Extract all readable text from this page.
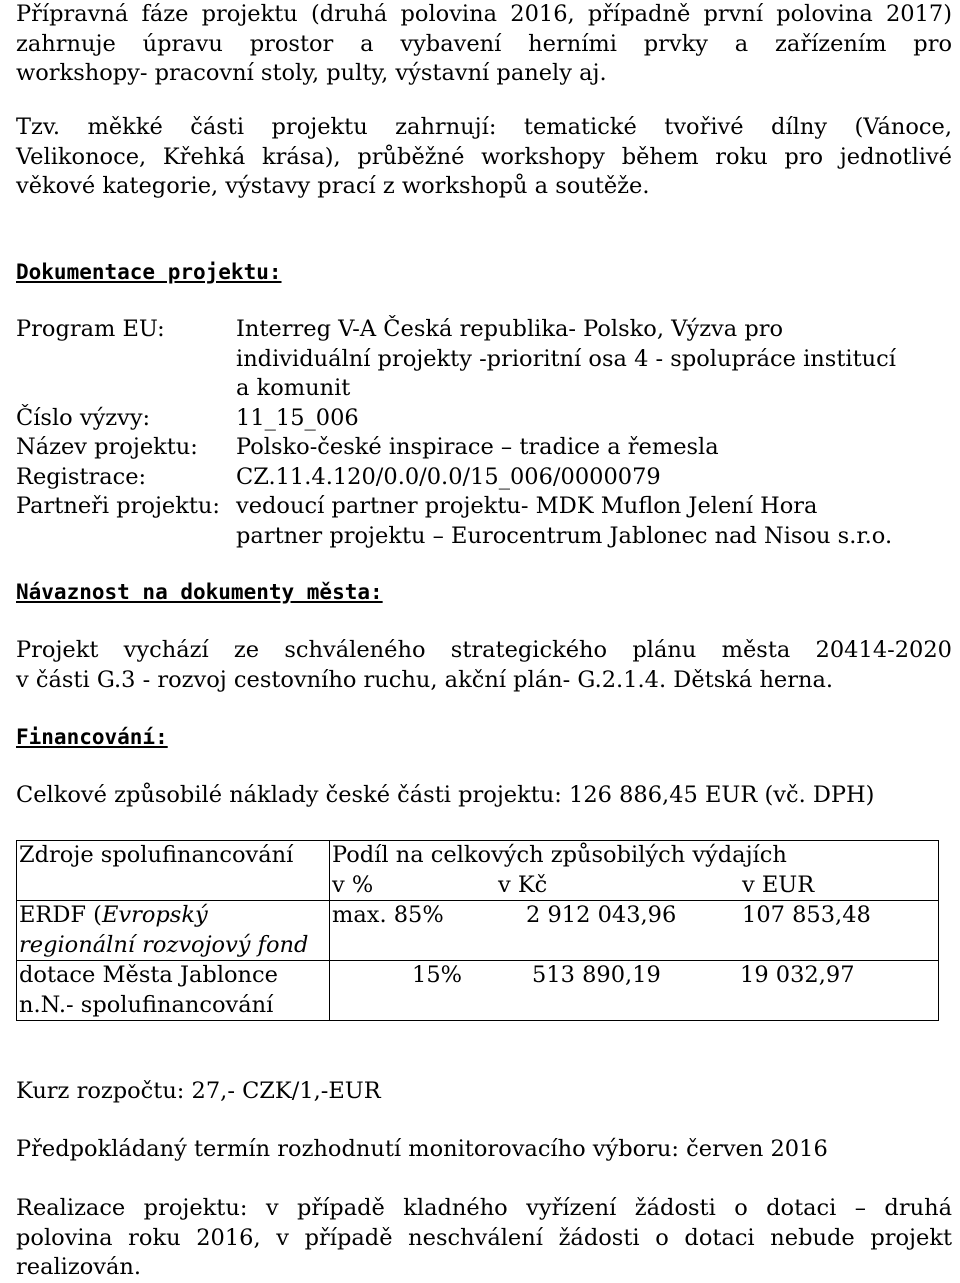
Přípravná fáze projektu (druhá polovina 2016, případně první polovina 2017)
zahrnuje úpravu prostor a vybavení herními prvky a zařízením pro
workshopy- pracovní stoly, pulty, výstavní panely aj.
Tzv. měkké části projektu zahrnují: tematické tvořivé dílny (Vánoce,
Velikonoce, Křehká krása), průběžné workshopy během roku pro jednotlivé
věkové kategorie, výstavy prací z workshopů a soutěže.
Dokumentace projektu:
Program EU:	Interreg V-A Česká republika- Polsko, Výzva pro
individuální projekty -prioritní osa 4 - spolupráce institucí
a komunit
Číslo výzvy:	11_15_006
Název projektu: Polsko-české inspirace – tradice a řemesla
Registrace:	CZ.11.4.120/0.0/0.0/15_006/0000079
Partneři projektu: vedoucí partner projektu- MDK Muflon Jelení Hora
partner projektu – Eurocentrum Jablonec nad Nisou s.r.o.
Návaznost na dokumenty města:
Projekt vychází ze schváleného strategického plánu města 20414-2020
v části G.3 - rozvoj cestovního ruchu, akční plán- G.2.1.4. Dětská herna.
Financování:
Celkové způsobilé náklady české části projektu: 126 886,45 EUR (vč. DPH)
Zdroje spolufinancování	Podíl na celkových způsobilých výdajích
v % v Kč v EUR

ERDF (Evropský regionální rozvojový fond	max. 85% 2 912 043,96 107 853,48

dotace Města Jablonce n.N.- spolufinancování	15% 513 890,19 19 032,97
Kurz rozpočtu: 27,- CZK/1,-EUR
Předpokládaný termín rozhodnutí monitorovacího výboru: červen 2016
Realizace projektu: v případě kladného vyřízení žádosti o dotaci – druhá
polovina roku 2016, v případě neschválení žádosti o dotaci nebude projekt
realizován.
